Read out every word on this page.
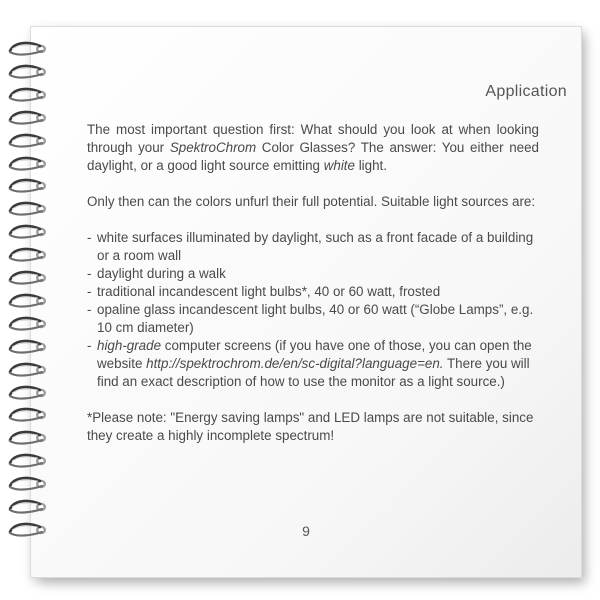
Application

The most important question first: What should you look at when looking through your SpektroChrom Color Glasses? The answer: You either need daylight, or a good light source emitting white light.

Only then can the colors unfurl their full potential. Suitable light sources are:

- white surfaces illuminated by daylight, such as a front facade of a building or a room wall
- daylight during a walk
- traditional incandescent light bulbs*, 40 or 60 watt, frosted
- opaline glass incandescent light bulbs, 40 or 60 watt (“Globe Lamps”, e.g. 10 cm diameter)
- high-grade computer screens (if you have one of those, you can open the website http://spektrochrom.de/en/sc-digital?language=en. There you will find an exact description of how to use the monitor as a light source.)

*Please note: "Energy saving lamps" and LED lamps are not suitable, since they create a highly incomplete spectrum!

9
